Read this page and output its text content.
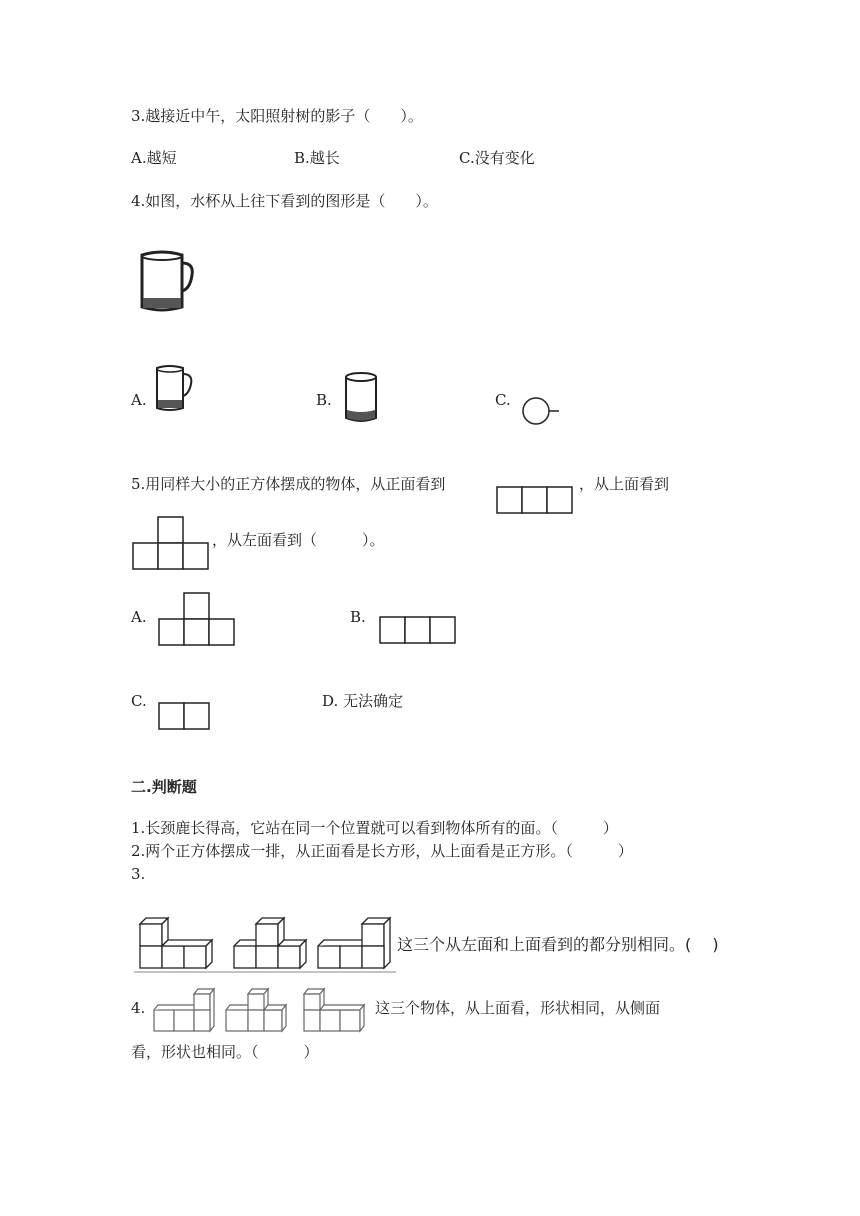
3.越接近中午，太阳照射树的影子（　　）。
A.越短	B.越长	C.没有变化
4.如图，水杯从上往下看到的图形是（　　）。
A.	B.	C.
5.用同样大小的正方体摆成的物体，从正面看到	，从上面看到
，从左面看到（　　　）。
A.	B.
C.	D. 无法确定
二.判断题
1.长颈鹿长得高，它站在同一个位置就可以看到物体所有的面。（　　　）
2.两个正方体摆成一排，从正面看是长方形，从上面看是正方形。（　　　）
3.
这三个从左面和上面看到的都分别相同。(　 )
4.	这三个物体，从上面看，形状相同，从侧面
看，形状也相同。（　　　）
